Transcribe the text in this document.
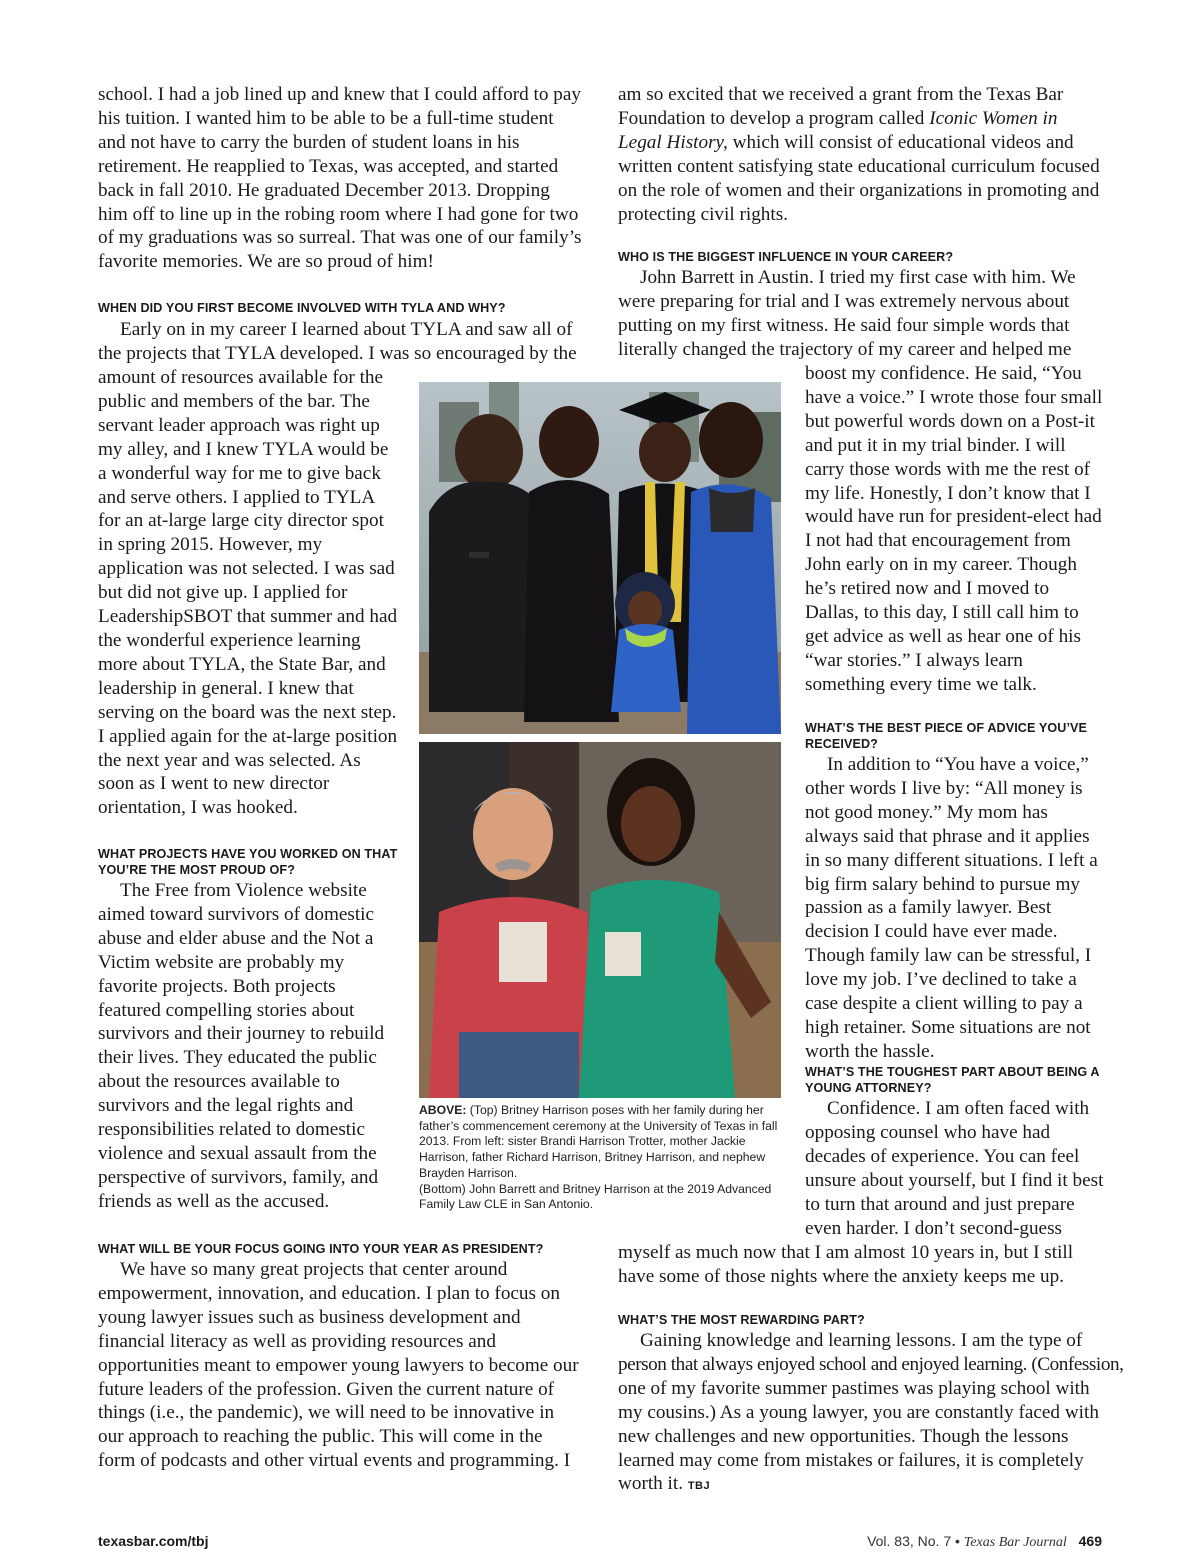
school. I had a job lined up and knew that I could afford to pay his tuition. I wanted him to be able to be a full-time student and not have to carry the burden of student loans in his retirement. He reapplied to Texas, was accepted, and started back in fall 2010. He graduated December 2013. Dropping him off to line up in the robing room where I had gone for two of my graduations was so surreal. That was one of our family’s favorite memories. We are so proud of him!

WHEN DID YOU FIRST BECOME INVOLVED WITH TYLA AND WHY?

Early on in my career I learned about TYLA and saw all of the projects that TYLA developed. I was so encouraged by the

amount of resources available for the public and members of the bar. The servant leader approach was right up my alley, and I knew TYLA would be a wonderful way for me to give back and serve others. I applied to TYLA for an at-large large city director spot in spring 2015. However, my application was not selected. I was sad but did not give up. I applied for LeadershipSBOT that summer and had the wonderful experience learning more about TYLA, the State Bar, and leadership in general. I knew that serving on the board was the next step. I applied again for the at-large position the next year and was selected. As soon as I went to new director orientation, I was hooked.

WHAT PROJECTS HAVE YOU WORKED ON THAT YOU’RE THE MOST PROUD OF?

The Free from Violence website aimed toward survivors of domestic abuse and elder abuse and the Not a Victim website are probably my favorite projects. Both projects featured compelling stories about survivors and their journey to rebuild their lives. They educated the public about the resources available to survivors and the legal rights and responsibilities related to domestic violence and sexual assault from the perspective of survivors, family, and friends as well as the accused.

WHAT WILL BE YOUR FOCUS GOING INTO YOUR YEAR AS PRESIDENT?

We have so many great projects that center around empowerment, innovation, and education. I plan to focus on young lawyer issues such as business development and financial literacy as well as providing resources and opportunities meant to empower young lawyers to become our future leaders of the profession. Given the current nature of things (i.e., the pandemic), we will need to be innovative in our approach to reaching the public. This will come in the form of podcasts and other virtual events and programming. I

ABOVE: (Top) Britney Harrison poses with her family during her father’s commencement ceremony at the University of Texas in fall 2013. From left: sister Brandi Harrison Trotter, mother Jackie Harrison, father Richard Harrison, Britney Harrison, and nephew Brayden Harrison.
(Bottom) John Barrett and Britney Harrison at the 2019 Advanced Family Law CLE in San Antonio.

am so excited that we received a grant from the Texas Bar Foundation to develop a program called Iconic Women in Legal History, which will consist of educational videos and written content satisfying state educational curriculum focused on the role of women and their organizations in promoting and protecting civil rights.

WHO IS THE BIGGEST INFLUENCE IN YOUR CAREER?

John Barrett in Austin. I tried my first case with him. We were preparing for trial and I was extremely nervous about putting on my first witness. He said four simple words that literally changed the trajectory of my career and helped me

boost my confidence. He said, “You have a voice.” I wrote those four small but powerful words down on a Post-it and put it in my trial binder. I will carry those words with me the rest of my life. Honestly, I don’t know that I would have run for president-elect had I not had that encouragement from John early on in my career. Though he’s retired now and I moved to Dallas, to this day, I still call him to get advice as well as hear one of his “war stories.” I always learn something every time we talk.

WHAT’S THE BEST PIECE OF ADVICE YOU’VE RECEIVED?

In addition to “You have a voice,” other words I live by: “All money is not good money.” My mom has always said that phrase and it applies in so many different situations. I left a big firm salary behind to pursue my passion as a family lawyer. Best decision I could have ever made. Though family law can be stressful, I love my job. I’ve declined to take a case despite a client willing to pay a high retainer. Some situations are not worth the hassle.

WHAT’S THE TOUGHEST PART ABOUT BEING A YOUNG ATTORNEY?

Confidence. I am often faced with opposing counsel who have had decades of experience. You can feel unsure about yourself, but I find it best to turn that around and just prepare even harder. I don’t second-guess

myself as much now that I am almost 10 years in, but I still have some of those nights where the anxiety keeps me up.

WHAT’S THE MOST REWARDING PART?
Gaining knowledge and learning lessons. I am the type of
person that always enjoyed school and enjoyed learning. (Confession,
one of my favorite summer pastimes was playing school with my cousins.) As a young lawyer, you are constantly faced with new challenges and new opportunities. Though the lessons learned may come from mistakes or failures, it is completely worth it. TBJ
texasbar.com/tbj	Vol. 83, No. 7 • Texas Bar Journal 469
